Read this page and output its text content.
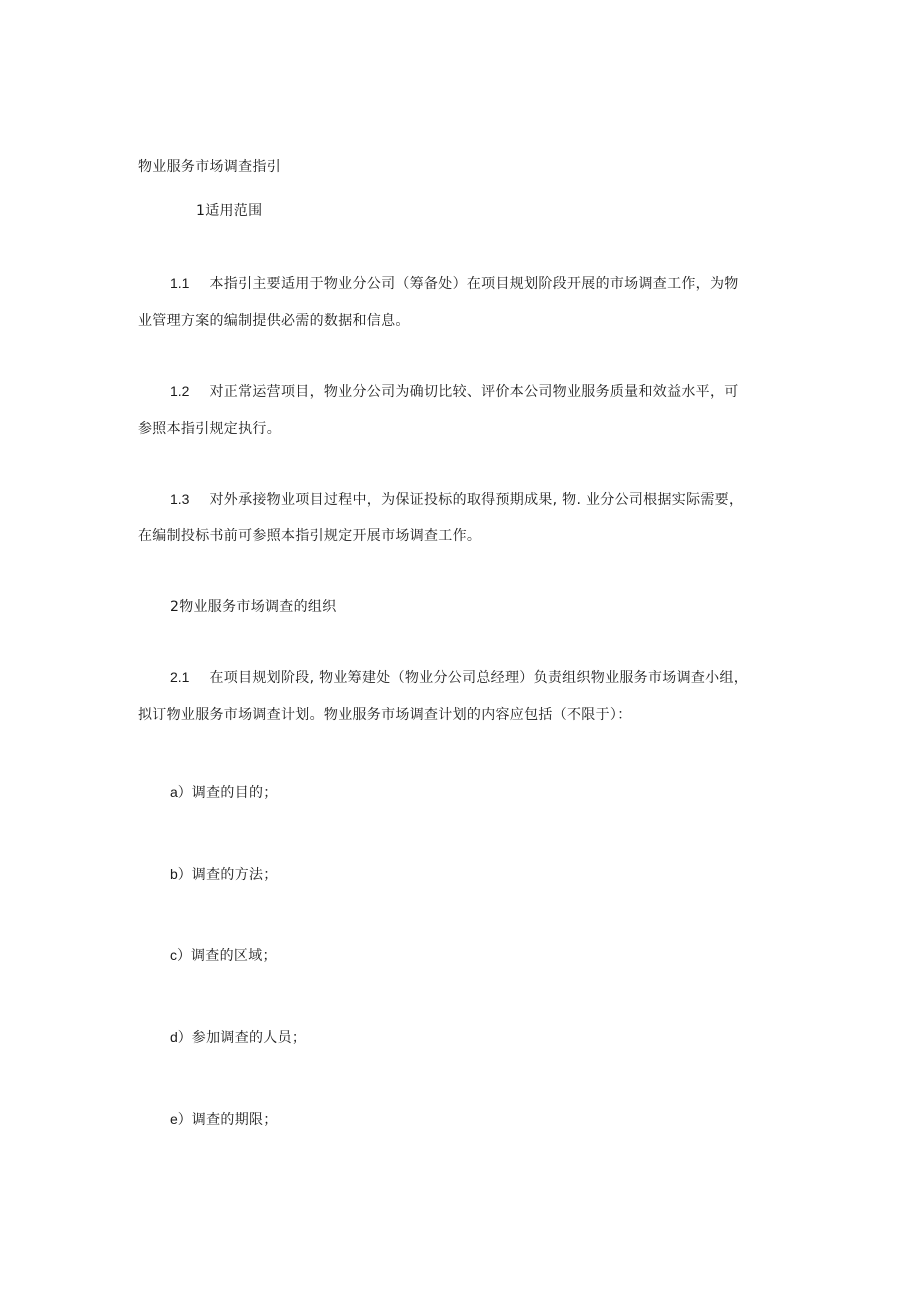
物业服务市场调查指引
1适用范围
1.1 本指引主要适用于物业分公司（筹备处）在项目规划阶段开展的市场调查工作，为物
业管理方案的编制提供必需的数据和信息。
1.2 对正常运营项目，物业分公司为确切比较、评价本公司物业服务质量和效益水平，可
参照本指引规定执行。
1.3 对外承接物业项目过程中，为保证投标的取得预期成果, 物. 业分公司根据实际需要，
在编制投标书前可参照本指引规定开展市场调查工作。
2物业服务市场调查的组织
2.1 在项目规划阶段, 物业筹建处（物业分公司总经理）负责组织物业服务市场调查小组，
拟订物业服务市场调查计划。物业服务市场调查计划的内容应包括（不限于）：
a）调查的目的；
b）调查的方法；
c）调查的区域；
d）参加调查的人员；
e）调查的期限；
